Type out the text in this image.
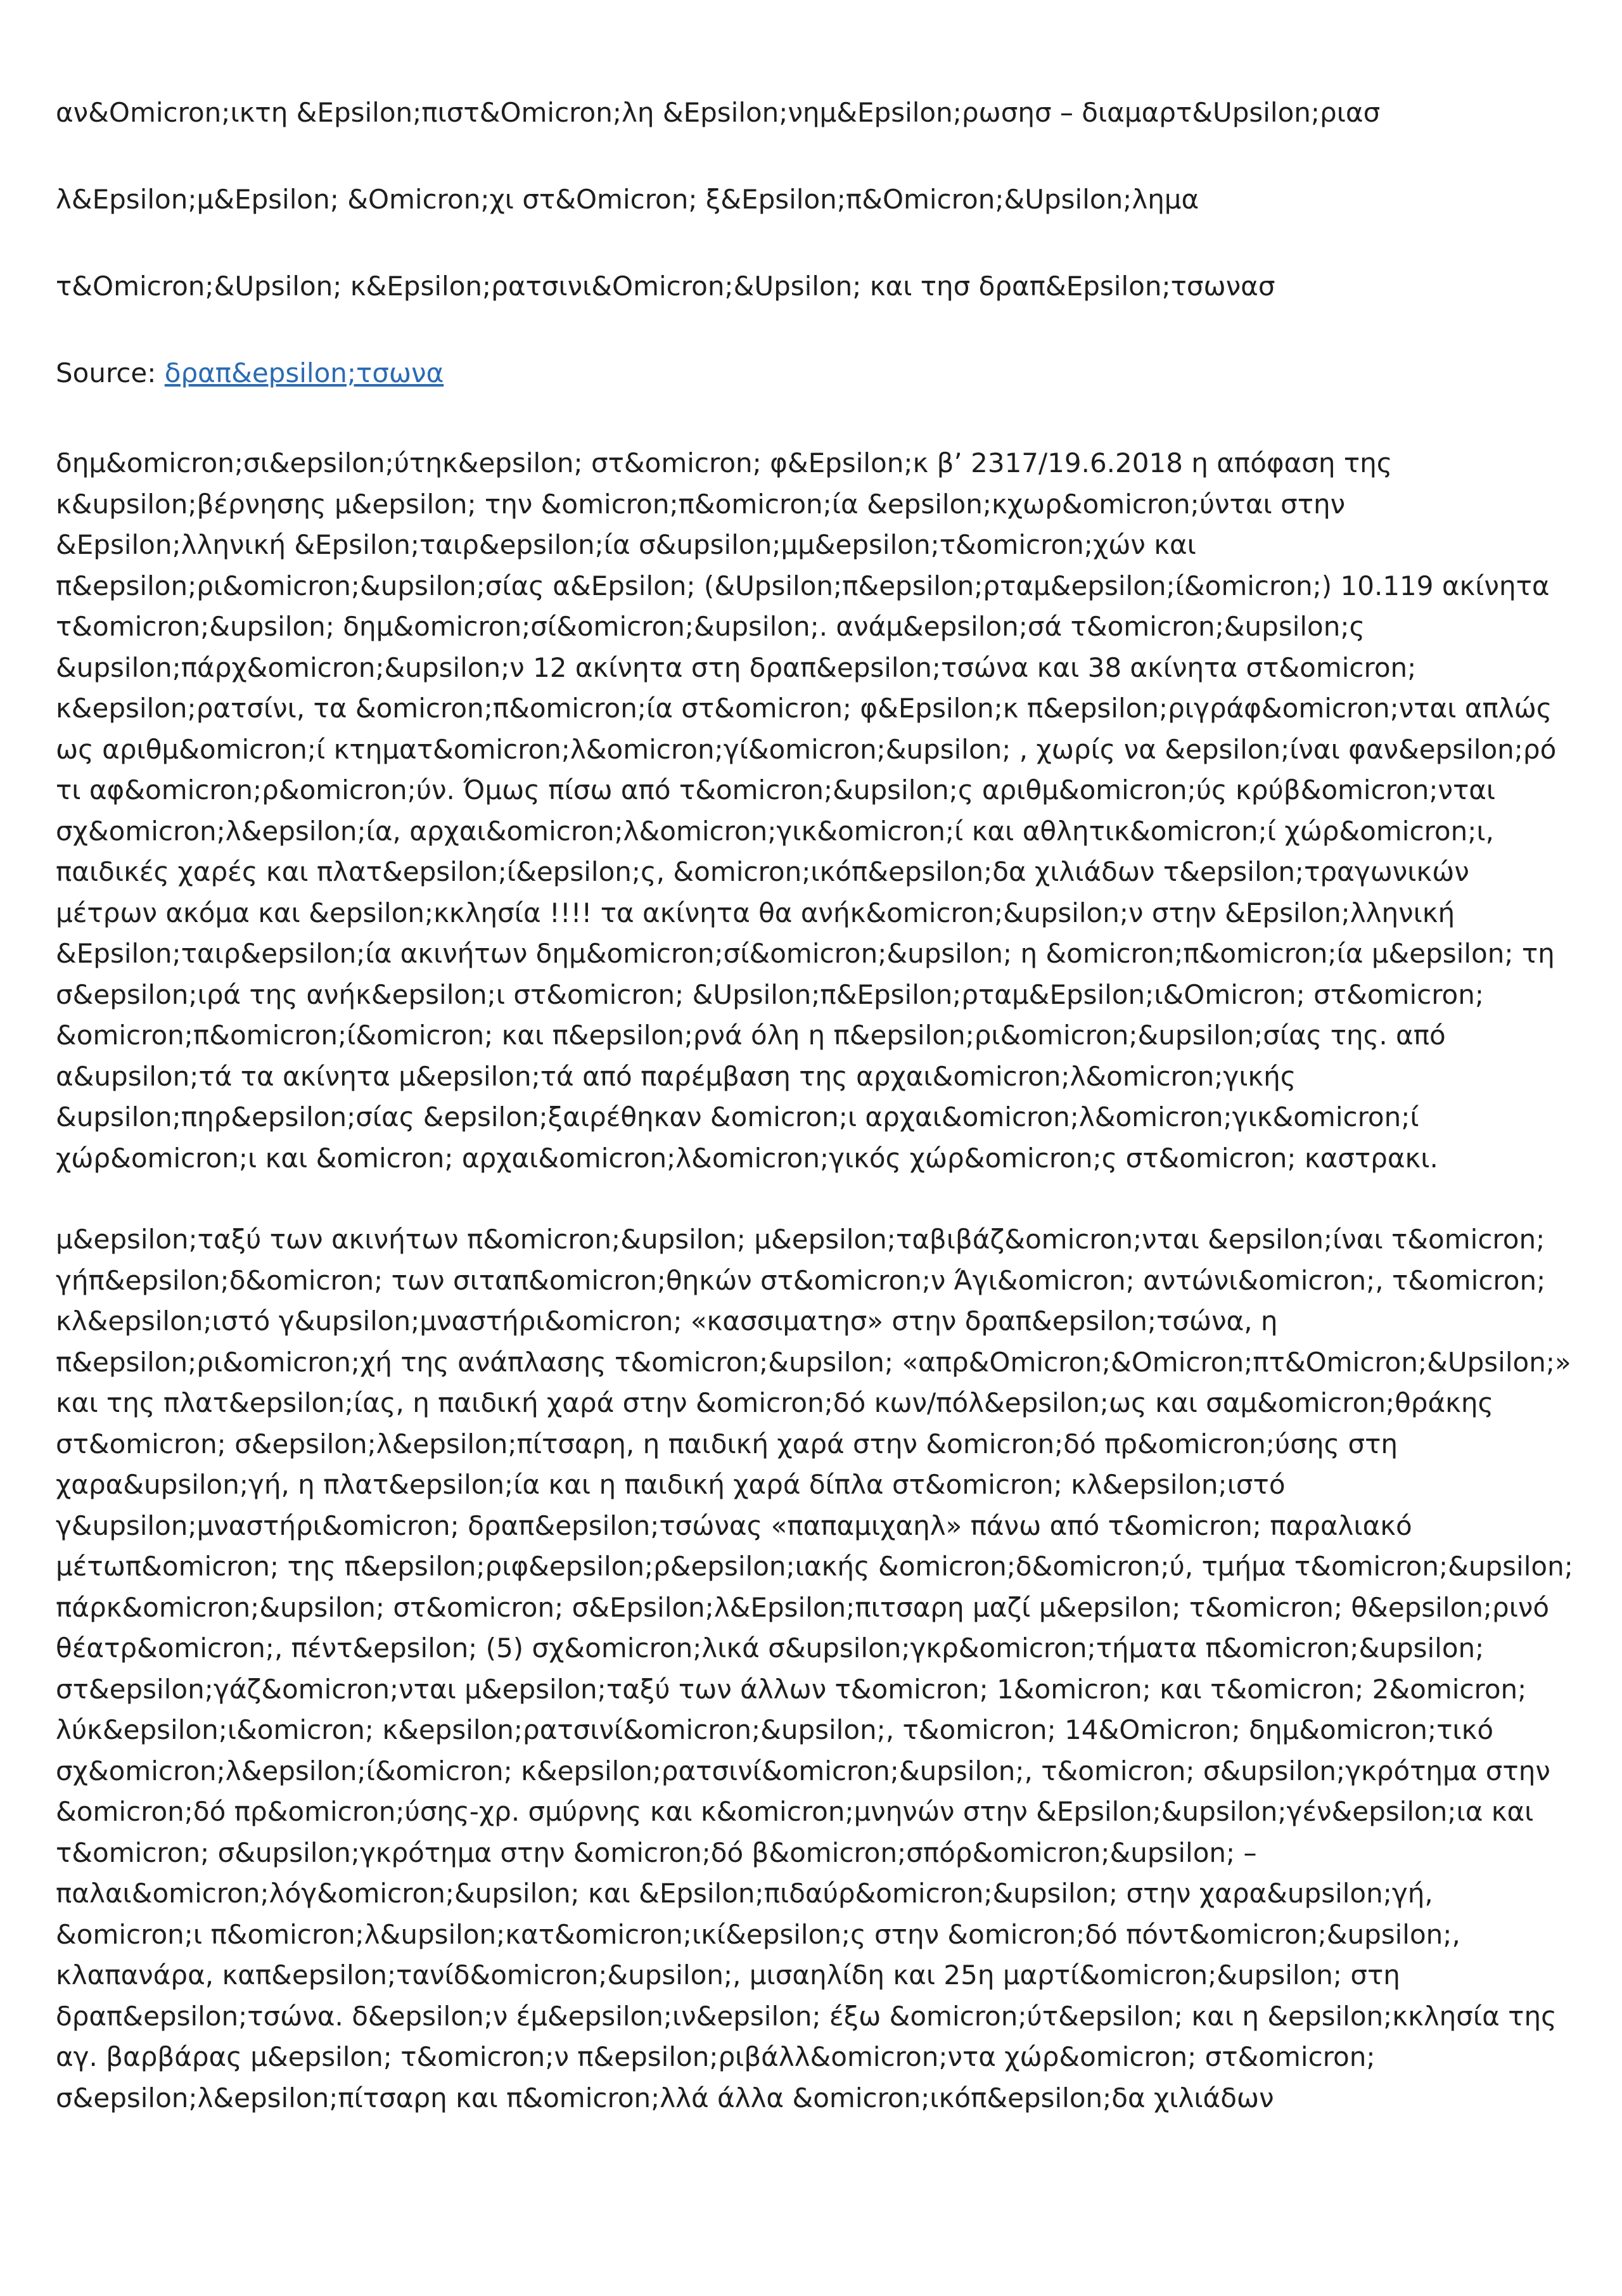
αν&Omicron;ικτη &Epsilon;πιστ&Omicron;λη &Epsilon;νημ&Epsilon;ρωσησ – διαμαρτ&Upsilon;ριασ

λ&Epsilon;μ&Epsilon; &Omicron;χι στ&Omicron; ξ&Epsilon;π&Omicron;&Upsilon;λημα

τ&Omicron;&Upsilon; κ&Epsilon;ρατσινι&Omicron;&Upsilon; και τησ δραπ&Epsilon;τσωνασ

Source: δραπ&epsilon;τσωνα

δημ&omicron;σι&epsilon;ύτηκ&epsilon; στ&omicron; φ&Epsilon;κ β’ 2317/19.6.2018 η απόφαση της κ&upsilon;βέρνησης μ&epsilon; την &omicron;π&omicron;ία &epsilon;κχωρ&omicron;ύνται στην &Epsilon;λληνική &Epsilon;ταιρ&epsilon;ία σ&upsilon;μμ&epsilon;τ&omicron;χών και π&epsilon;ρι&omicron;&upsilon;σίας α&Epsilon; (&Upsilon;π&epsilon;ρταμ&epsilon;ί&omicron;) 10.119 ακίνητα τ&omicron;&upsilon; δημ&omicron;σί&omicron;&upsilon;. ανάμ&epsilon;σά τ&omicron;&upsilon;ς &upsilon;πάρχ&omicron;&upsilon;ν 12 ακίνητα στη δραπ&epsilon;τσώνα και 38 ακίνητα στ&omicron; κ&epsilon;ρατσίνι, τα &omicron;π&omicron;ία στ&omicron; φ&Epsilon;κ π&epsilon;ριγράφ&omicron;νται απλώς ως αριθμ&omicron;ί κτηματ&omicron;λ&omicron;γί&omicron;&upsilon; , χωρίς να &epsilon;ίναι φαν&epsilon;ρό τι αφ&omicron;ρ&omicron;ύν. Όμως πίσω από τ&omicron;&upsilon;ς αριθμ&omicron;ύς κρύβ&omicron;νται σχ&omicron;λ&epsilon;ία, αρχαι&omicron;λ&omicron;γικ&omicron;ί και αθλητικ&omicron;ί χώρ&omicron;ι, παιδικές χαρές και πλατ&epsilon;ί&epsilon;ς, &omicron;ικόπ&epsilon;δα χιλιάδων τ&epsilon;τραγωνικών μέτρων ακόμα και &epsilon;κκλησία !!!! τα ακίνητα θα ανήκ&omicron;&upsilon;ν στην &Epsilon;λληνική &Epsilon;ταιρ&epsilon;ία ακινήτων δημ&omicron;σί&omicron;&upsilon; η &omicron;π&omicron;ία μ&epsilon; τη σ&epsilon;ιρά της ανήκ&epsilon;ι στ&omicron; &Upsilon;π&Epsilon;ρταμ&Epsilon;ι&Omicron; στ&omicron; &omicron;π&omicron;ί&omicron; και π&epsilon;ρνά όλη η π&epsilon;ρι&omicron;&upsilon;σίας της. από α&upsilon;τά τα ακίνητα μ&epsilon;τά από παρέμβαση της αρχαι&omicron;λ&omicron;γικής &upsilon;πηρ&epsilon;σίας &epsilon;ξαιρέθηκαν &omicron;ι αρχαι&omicron;λ&omicron;γικ&omicron;ί χώρ&omicron;ι και &omicron; αρχαι&omicron;λ&omicron;γικός χώρ&omicron;ς στ&omicron; καστρακι.

μ&epsilon;ταξύ των ακινήτων π&omicron;&upsilon; μ&epsilon;ταβιβάζ&omicron;νται &epsilon;ίναι τ&omicron; γήπ&epsilon;δ&omicron; των σιταπ&omicron;θηκών στ&omicron;ν Άγι&omicron; αντώνι&omicron;, τ&omicron; κλ&epsilon;ιστό γ&upsilon;μναστήρι&omicron; «κασσιματησ» στην δραπ&epsilon;τσώνα, η π&epsilon;ρι&omicron;χή της ανάπλασης τ&omicron;&upsilon; «απρ&Omicron;&Omicron;πτ&Omicron;&Upsilon;» και της πλατ&epsilon;ίας, η παιδική χαρά στην &omicron;δό κων/πόλ&epsilon;ως και σαμ&omicron;θράκης στ&omicron; σ&epsilon;λ&epsilon;πίτσαρη, η παιδική χαρά στην &omicron;δό πρ&omicron;ύσης στη χαρα&upsilon;γή, η πλατ&epsilon;ία και η παιδική χαρά δίπλα στ&omicron; κλ&epsilon;ιστό γ&upsilon;μναστήρι&omicron; δραπ&epsilon;τσώνας «παπαμιχαηλ» πάνω από τ&omicron; παραλιακό μέτωπ&omicron; της π&epsilon;ριφ&epsilon;ρ&epsilon;ιακής &omicron;δ&omicron;ύ, τμήμα τ&omicron;&upsilon; πάρκ&omicron;&upsilon; στ&omicron; σ&Epsilon;λ&Epsilon;πιτσαρη μαζί μ&epsilon; τ&omicron; θ&epsilon;ρινό θέατρ&omicron;, πέντ&epsilon; (5) σχ&omicron;λικά σ&upsilon;γκρ&omicron;τήματα π&omicron;&upsilon; στ&epsilon;γάζ&omicron;νται μ&epsilon;ταξύ των άλλων τ&omicron; 1&omicron; και τ&omicron; 2&omicron; λύκ&epsilon;ι&omicron; κ&epsilon;ρατσινί&omicron;&upsilon;, τ&omicron; 14&Omicron; δημ&omicron;τικό σχ&omicron;λ&epsilon;ί&omicron; κ&epsilon;ρατσινί&omicron;&upsilon;, τ&omicron; σ&upsilon;γκρότημα στην &omicron;δό πρ&omicron;ύσης-χρ. σμύρνης και κ&omicron;μνηνών στην &Epsilon;&upsilon;γέν&epsilon;ια και τ&omicron; σ&upsilon;γκρότημα στην &omicron;δό β&omicron;σπόρ&omicron;&upsilon; – παλαι&omicron;λόγ&omicron;&upsilon; και &Epsilon;πιδαύρ&omicron;&upsilon; στην χαρα&upsilon;γή, &omicron;ι π&omicron;λ&upsilon;κατ&omicron;ικί&epsilon;ς στην &omicron;δό πόντ&omicron;&upsilon;, κλαπανάρα, καπ&epsilon;τανίδ&omicron;&upsilon;, μισαηλίδη και 25η μαρτί&omicron;&upsilon; στη δραπ&epsilon;τσώνα. δ&epsilon;ν έμ&epsilon;ιν&epsilon; έξω &omicron;ύτ&epsilon; και η &epsilon;κκλησία της αγ. βαρβάρας μ&epsilon; τ&omicron;ν π&epsilon;ριβάλλ&omicron;ντα χώρ&omicron; στ&omicron; σ&epsilon;λ&epsilon;πίτσαρη και π&omicron;λλά άλλα &omicron;ικόπ&epsilon;δα χιλιάδων
